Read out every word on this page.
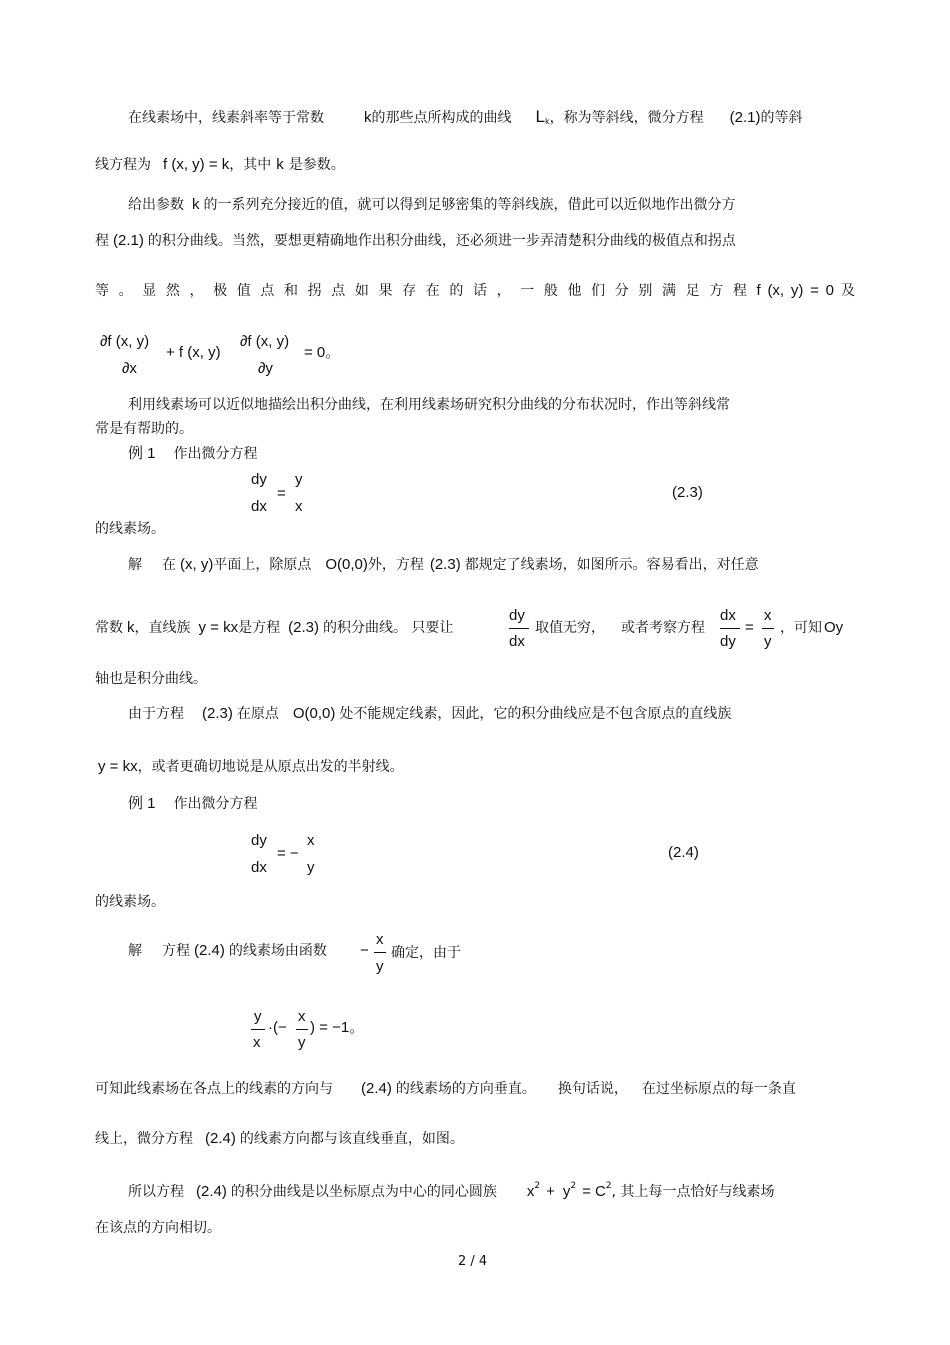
在线素场中，线素斜率等于常数	k的那些点所构成的曲线 $L_k$，称为等斜线，微分方程 (2.1)的等斜
线方程为 f (x, y) = k，其中 k 是参数。
给出参数 k 的一系列充分接近的值，就可以得到足够密集的等斜线族，借此可以近似地作出微分方
程 (2.1) 的积分曲线。当然，要想更精确地作出积分曲线，还必须进一步弄清楚积分曲线的极值点和拐点
等 。 显 然 ， 极 值 点 和 拐 点 如 果 存 在 的 话 ， 一 般 他 们 分 别 满 足 方 程 f (x, y) = 0 及
∂f (x, y)
∂x
+ f (x, y)
∂f (x, y)
∂y
= 0。
利用线素场可以近似地描绘出积分曲线，在利用线素场研究积分曲线的分布状况时，作出等斜线常
常是有帮助的。
例 1 作出微分方程
dy
dx
=
y
x
(2.3)
的线素场。
解 在 (x, y)平面上，除原点 O(0,0)外，方程 (2.3) 都规定了线素场，如图所示。容易看出，对任意
常数 k，直线族 y = kx是方程 (2.3) 的积分曲线。 只要让
dy
dx
取值无穷， 或者考察方程
dx
dy
=
x
y
，可知 Oy
轴也是积分曲线。
由于方程 (2.3) 在原点 O(0,0) 处不能规定线素，因此，它的积分曲线应是不包含原点的直线族
y = kx，或者更确切地说是从原点出发的半射线。
例 1 作出微分方程
dy
dx
= −
x
y
(2.4)
的线素场。
解 方程 (2.4) 的线素场由函数 −
x
y
确定，由于
y
x
·(−
x
y
) = −1。
可知此线素场在各点上的线素的方向与 (2.4) 的线素场的方向垂直。 换句话说， 在过坐标原点的每一条直
线上，微分方程 (2.4) 的线素方向都与该直线垂直，如图。
所以方程 (2.4) 的积分曲线是以坐标原点为中心的同心圆族 $x^2 + y^2 = C^2$, 其上每一点恰好与线素场
在该点的方向相切。
2 / 4
